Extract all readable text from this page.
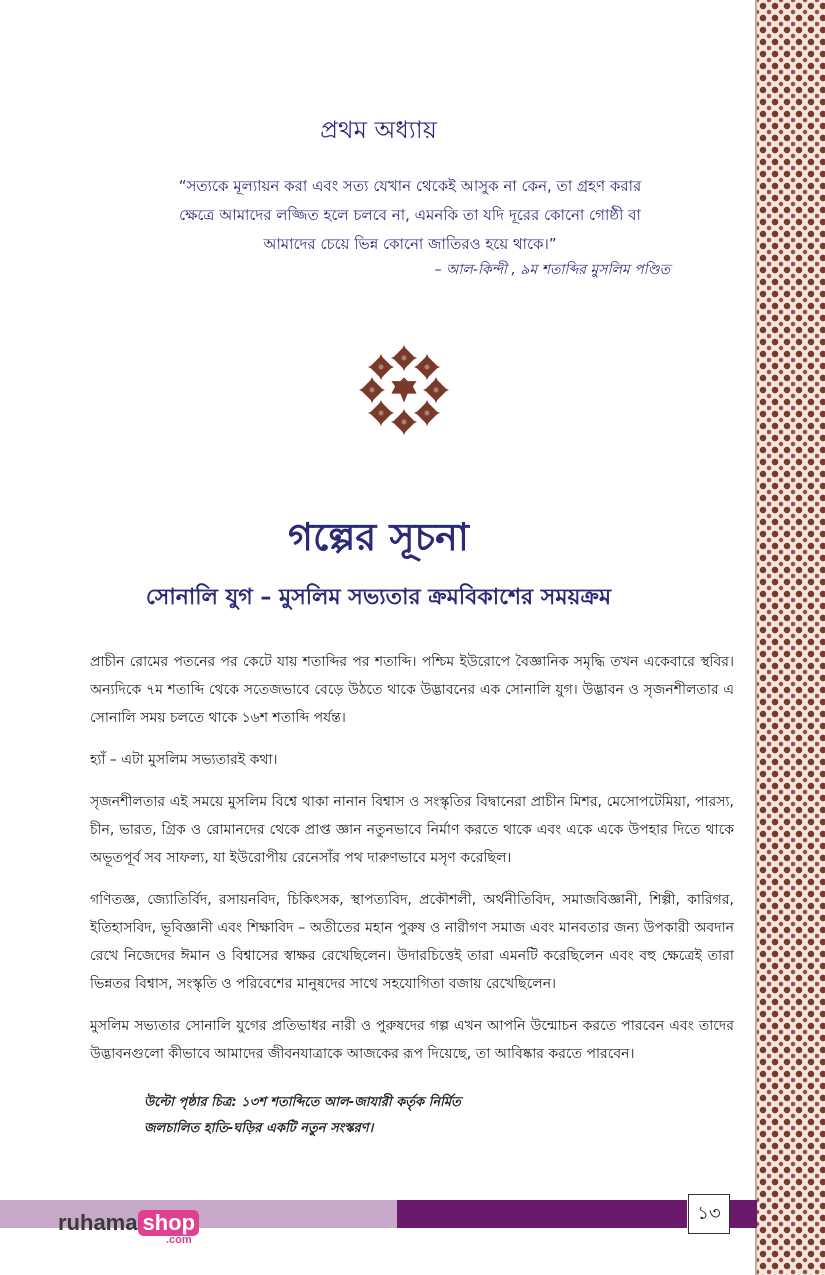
প্রথম অধ্যায়
“সত্যকে মূল্যায়ন করা এবং সত্য যেখান থেকেই আসুক না কেন, তা গ্রহণ করার
ক্ষেত্রে আমাদের লজ্জিত হলে চলবে না, এমনকি তা যদি দূরের কোনো গোষ্ঠী বা
আমাদের চেয়ে ভিন্ন কোনো জাতিরও হয়ে থাকে।”
– আল-কিন্দী , ৯ম শতাব্দির মুসলিম পণ্ডিত
গল্পের সূচনা
সোনালি যুগ – মুসলিম সভ্যতার ক্রমবিকাশের সময়ক্রম

প্রাচীন রোমের পতনের পর কেটে যায় শতাব্দির পর শতাব্দি। পশ্চিম ইউরোপে বৈজ্ঞানিক সমৃদ্ধি তখন একেবারে স্থবির। অন্যদিকে ৭ম শতাব্দি থেকে সতেজভাবে বেড়ে উঠতে থাকে উদ্ভাবনের এক সোনালি যুগ। উদ্ভাবন ও সৃজনশীলতার এ সোনালি সময় চলতে থাকে ১৬শ শতাব্দি পর্যন্ত।

হ্যাঁ – এটা মুসলিম সভ্যতারই কথা।

সৃজনশীলতার এই সময়ে মুসলিম বিশ্বে থাকা নানান বিশ্বাস ও সংস্কৃতির বিদ্বানেরা প্রাচীন মিশর, মেসোপটেমিয়া, পারস্য, চীন, ভারত, গ্রিক ও রোমানদের থেকে প্রাপ্ত জ্ঞান নতুনভাবে নির্মাণ করতে থাকে এবং একে একে উপহার দিতে থাকে অভূতপূর্ব সব সাফল্য, যা ইউরোপীয় রেনেসাঁর পথ দারুণভাবে মসৃণ করেছিল।

গণিতজ্ঞ, জ্যোতির্বিদ, রসায়নবিদ, চিকিৎসক, স্থাপত্যবিদ, প্রকৌশলী, অর্থনীতিবিদ, সমাজবিজ্ঞানী, শিল্পী, কারিগর, ইতিহাসবিদ, ভূবিজ্ঞানী এবং শিক্ষাবিদ – অতীতের মহান পুরুষ ও নারীগণ সমাজ এবং মানবতার জন্য উপকারী অবদান রেখে নিজেদের ঈমান ও বিশ্বাসের স্বাক্ষর রেখেছিলেন। উদারচিত্তেই তারা এমনটি করেছিলেন এবং বহু ক্ষেত্রেই তারা ভিন্নতর বিশ্বাস, সংস্কৃতি ও পরিবেশের মানুষদের সাথে সহযোগিতা বজায় রেখেছিলেন।

মুসলিম সভ্যতার সোনালি যুগের প্রতিভাধর নারী ও পুরুষদের গল্প এখন আপনি উন্মোচন করতে পারবেন এবং তাদের উদ্ভাবনগুলো কীভাবে আমাদের জীবনযাত্রাকে আজকের রূপ দিয়েছে, তা আবিষ্কার করতে পারবেন।

উল্টো পৃষ্ঠার চিত্র: ১৩শ শতাব্দিতে আল-জাযারী কর্তৃক নির্মিত
জলচালিত হাতি-ঘড়ির একটি নতুন সংস্করণ।
১৩
ruhama shop
.com
